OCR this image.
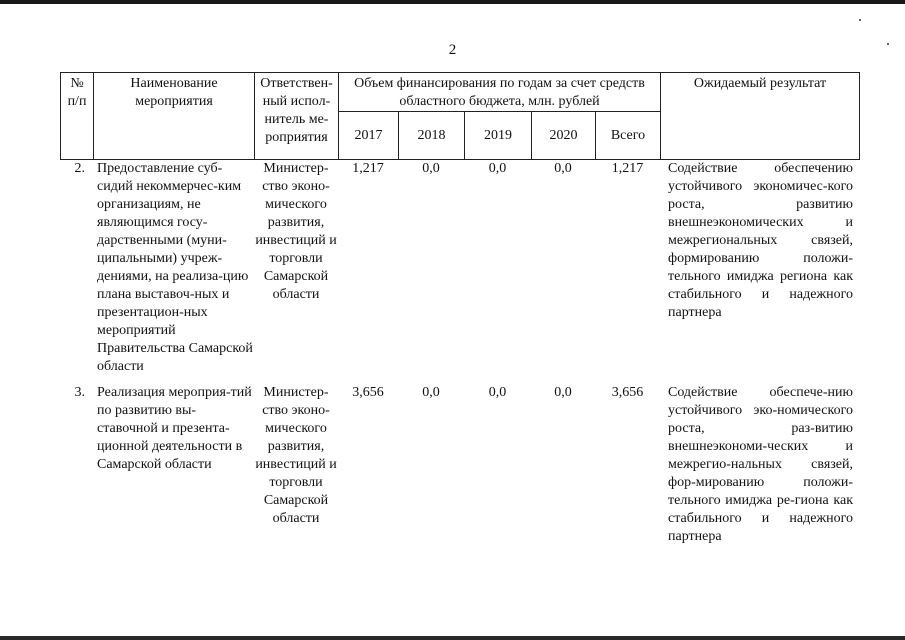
2
№ п/п	Наименование мероприятия	Ответствен-ный испол-нитель ме-роприятия	Объем финансирования по годам за счет средств областного бюджета, млн. рублей					Ожидаемый результат
			2017	2018	2019	2020	Всего	
2.	Предоставление суб-сидий некоммерчес-ким организациям, не являющимся госу-дарственными (муни-ципальными) учреж-дениями, на реализа-цию плана выставоч-ных и презентацион-ных мероприятий Правительства Самарской области	Министер-ство эконо-мического развития, инвестиций и торговли Самарской области	1,217	0,0	0,0	0,0	1,217	Содействие обеспечению устойчивого экономичес-кого роста, развитию внешнеэкономических и межрегиональных связей, формированию положи-тельного имиджа региона как стабильного и надежного партнера
3.	Реализация мероприя-тий по развитию вы-ставочной и презента-ционной деятельности в Самарской области	Министер-ство эконо-мического развития, инвестиций и торговли Самарской области	3,656	0,0	0,0	0,0	3,656	Содействие обеспече-нию устойчивого эко-номического роста, раз-витию внешнеэкономи-ческих и межрегио-нальных связей, фор-мированию положи-тельного имиджа ре-гиона как стабильного и надежного партнера
